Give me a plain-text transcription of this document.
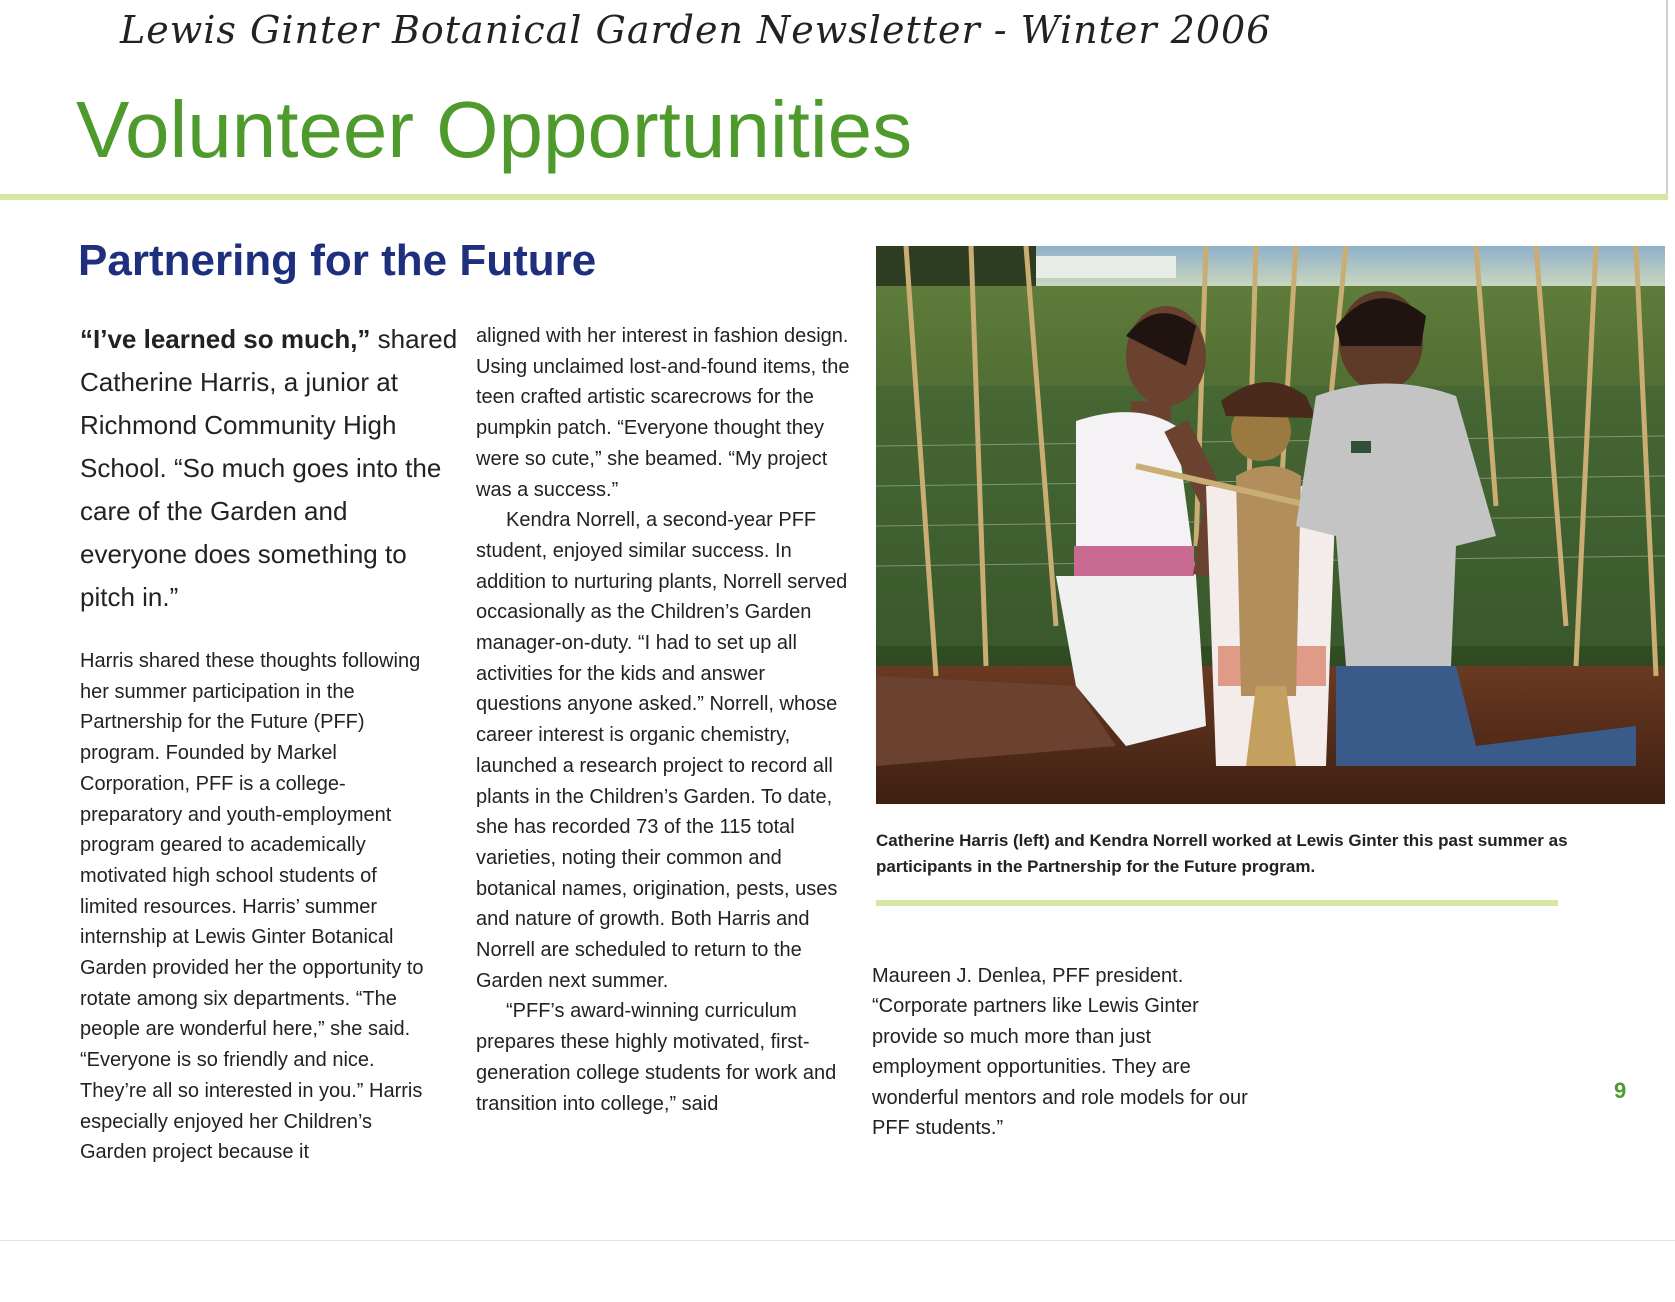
Lewis Ginter Botanical Garden Newsletter - Winter 2006
Volunteer Opportunities
Partnering for the Future
“I’ve learned so much,” shared Catherine Harris, a junior at Richmond Community High School. “So much goes into the care of the Garden and everyone does something to pitch in.”

Harris shared these thoughts following her summer participation in the Partnership for the Future (PFF) program. Founded by Markel Corporation, PFF is a college-preparatory and youth-employment program geared to academically motivated high school students of limited resources. Harris’ summer internship at Lewis Ginter Botanical Garden provided her the opportunity to rotate among six departments. “The people are wonderful here,” she said. “Everyone is so friendly and nice. They’re all so interested in you.” Harris especially enjoyed her Children’s Garden project because it

aligned with her interest in fashion design. Using unclaimed lost-and-found items, the teen crafted artistic scarecrows for the pumpkin patch. “Everyone thought they were so cute,” she beamed. “My project was a success.”

Kendra Norrell, a second-year PFF student, enjoyed similar success. In addition to nurturing plants, Norrell served occasionally as the Children’s Garden manager-on-duty. “I had to set up all activities for the kids and answer questions anyone asked.” Norrell, whose career interest is organic chemistry, launched a research project to record all plants in the Children’s Garden. To date, she has recorded 73 of the 115 total varieties, noting their common and botanical names, origination, pests, uses and nature of growth. Both Harris and Norrell are scheduled to return to the Garden next summer.

“PFF’s award-winning curriculum prepares these highly motivated, first-generation college students for work and transition into college,” said

Catherine Harris (left) and Kendra Norrell worked at Lewis Ginter this past summer as participants in the Partnership for the Future program.

Maureen J. Denlea, PFF president. “Corporate partners like Lewis Ginter provide so much more than just employment opportunities. They are wonderful mentors and role models for our PFF students.”

9
